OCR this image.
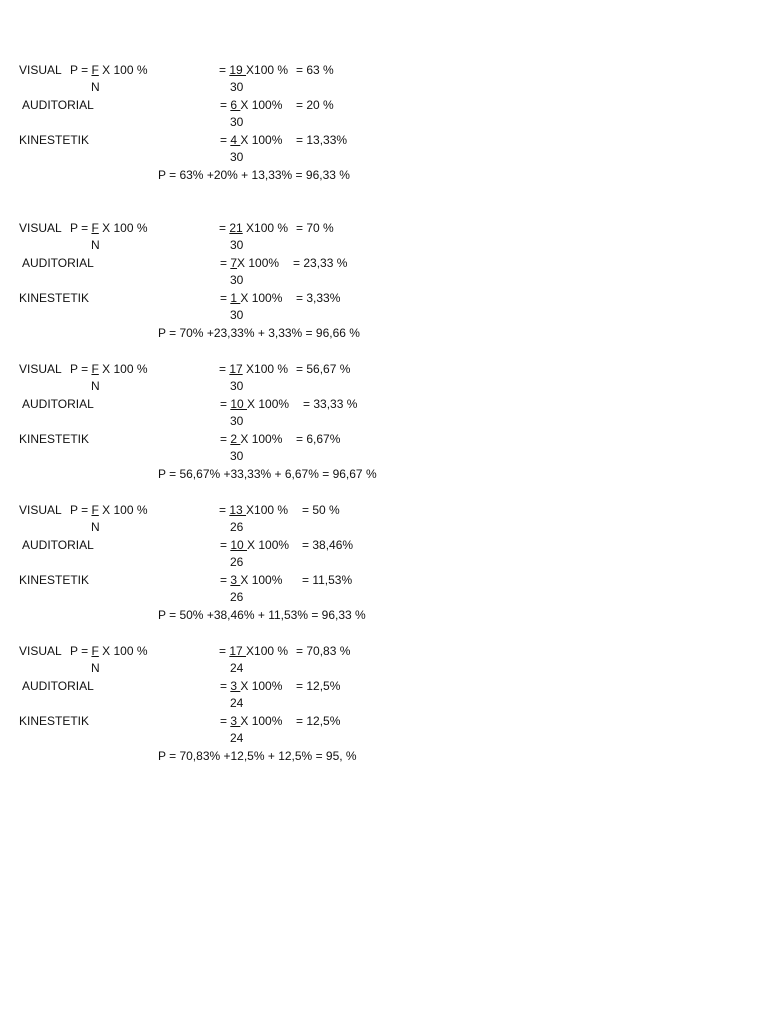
VISUAL P = F X 100 %
N
= 19 X100 % = 63 %
30
AUDITORIAL	= 6 X 100% = 20 %
30
KINESTETIK	= 4 X 100% = 13,33%
30
P = 63% +20% + 13,33% = 96,33 %
VISUAL P = F X 100 %
N
= 21 X100 % = 70 %
30
AUDITORIAL	= 7X 100% = 23,33 %
30
KINESTETIK	= 1 X 100% = 3,33%
30
P = 70% +23,33% + 3,33% = 96,66 %
VISUAL P = F X 100 %
N
= 17 X100 % = 56,67 %
30
AUDITORIAL	= 10 X 100% = 33,33 %
30
KINESTETIK	= 2 X 100% = 6,67%
30
P = 56,67% +33,33% + 6,67% = 96,67 %
VISUAL P = F X 100 %
N
= 13 X100 % = 50 %
26
AUDITORIAL	= 10 X 100% = 38,46%
26
KINESTETIK	= 3 X 100% = 11,53%
26
P = 50% +38,46% + 11,53% = 96,33 %
VISUAL P = F X 100 %
N
= 17 X100 % = 70,83 %
24
AUDITORIAL	= 3 X 100% = 12,5%
24
KINESTETIK	= 3 X 100% = 12,5%
24
P = 70,83% +12,5% + 12,5% = 95, %
